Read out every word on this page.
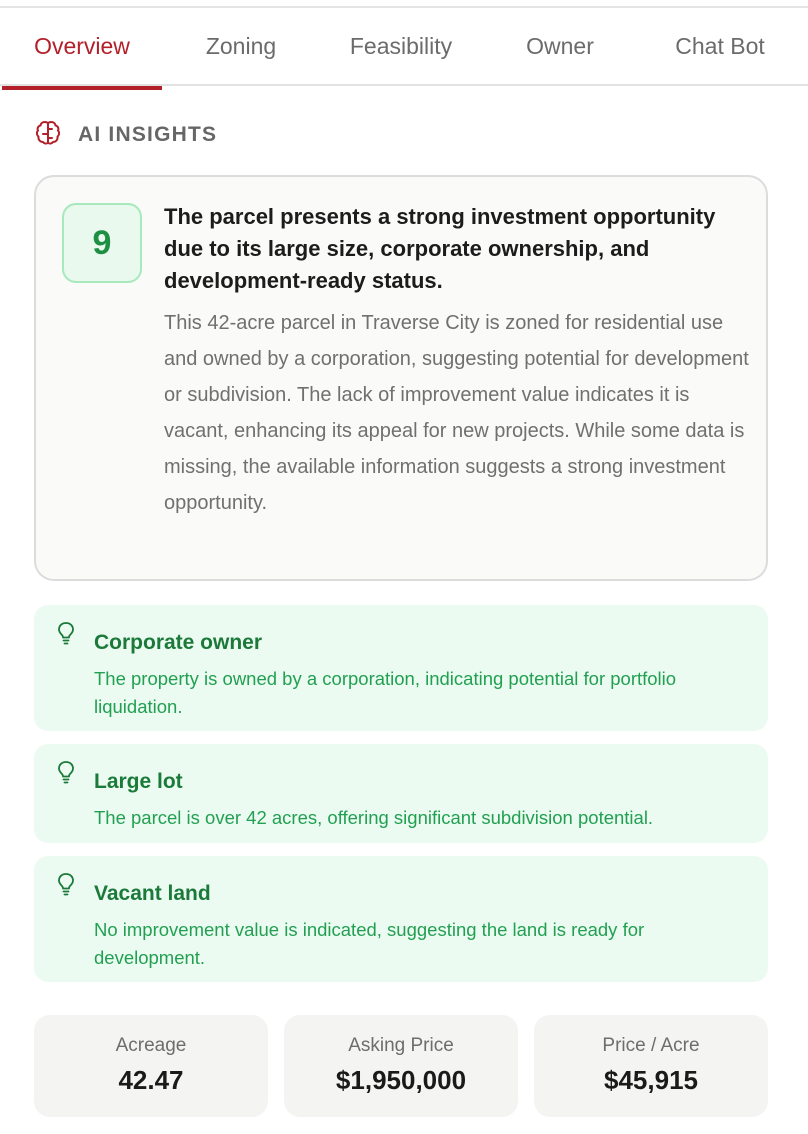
Overview	Zoning	Feasibility	Owner	Chat Bot
AI INSIGHTS
9
The parcel presents a strong investment opportunity due to its large size, corporate ownership, and development-ready status.
This 42-acre parcel in Traverse City is zoned for residential use and owned by a corporation, suggesting potential for development or subdivision. The lack of improvement value indicates it is vacant, enhancing its appeal for new projects. While some data is missing, the available information suggests a strong investment opportunity.
Corporate owner
The property is owned by a corporation, indicating potential for portfolio liquidation.
Large lot
The parcel is over 42 acres, offering significant subdivision potential.
Vacant land
No improvement value is indicated, suggesting the land is ready for development.
Acreage
42.47
Asking Price
$1,950,000
Price / Acre
$45,915
